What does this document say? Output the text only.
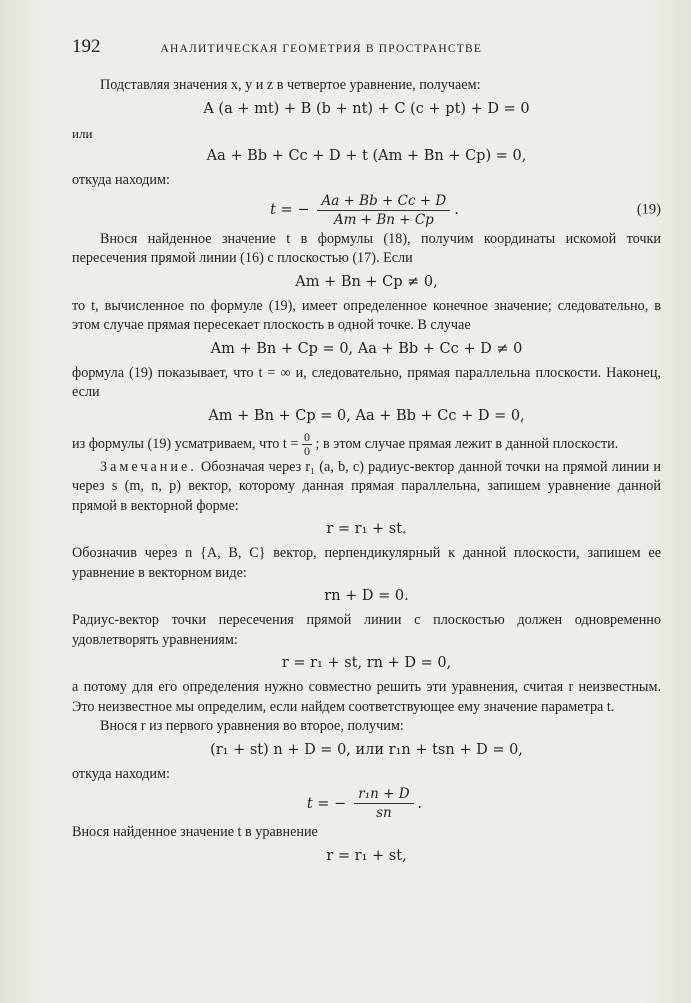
192	АНАЛИТИЧЕСКАЯ ГЕОМЕТРИЯ В ПРОСТРАНСТВЕ

Подставляя значения x, y и z в четвертое уравнение, получаем:

A (a + mt) + B (b + nt) + C (c + pt) + D = 0

или

Aa + Bb + Cc + D + t (Am + Bn + Cp) = 0,

откуда находим:

t = − $\frac{Aa + Bb + Cc + D}{Am + Bn + Cp}$ .	(19)

Внося найденное значение t в формулы (18), получим координаты искомой точки пересечения прямой линии (16) с плоскостью (17). Если

Am + Bn + Cp ≠ 0,

то t, вычисленное по формуле (19), имеет определенное конечное значение; следовательно, в этом случае прямая пересекает плоскость в одной точке. В случае

Am + Bn + Cp = 0, Aa + Bb + Cc + D ≠ 0

формула (19) показывает, что t = ∞ и, следовательно, прямая параллельна плоскости. Наконец, если

Am + Bn + Cp = 0, Aa + Bb + Cc + D = 0,

из формулы (19) усматриваем, что $t = \frac{0}{0}$ ; в этом случае прямая лежит в данной плоскости.

Замечание. Обозначая через r₁ (a, b, c) радиус-вектор данной точки на прямой линии и через s (m, n, p) вектор, которому данная прямая параллельна, запишем уравнение данной прямой в векторной форме:

r = r₁ + st.

Обозначив через n {A, B, C} вектор, перпендикулярный к данной плоскости, запишем ее уравнение в векторном виде:

rn + D = 0.

Радиус-вектор точки пересечения прямой линии с плоскостью должен одновременно удовлетворять уравнениям:

r = r₁ + st, rn + D = 0,

а потому для его определения нужно совместно решить эти уравнения, считая r неизвестным. Это неизвестное мы определим, если найдем соответствующее ему значение параметра t.

Внося r из первого уравнения во второе, получим:

(r₁ + st) n + D = 0, или r₁n + tsn + D = 0,

откуда находим:

t = − $\frac{\text{r₁n + D}}{sn}$ .

Внося найденное значение t в уравнение

r = r₁ + st,
